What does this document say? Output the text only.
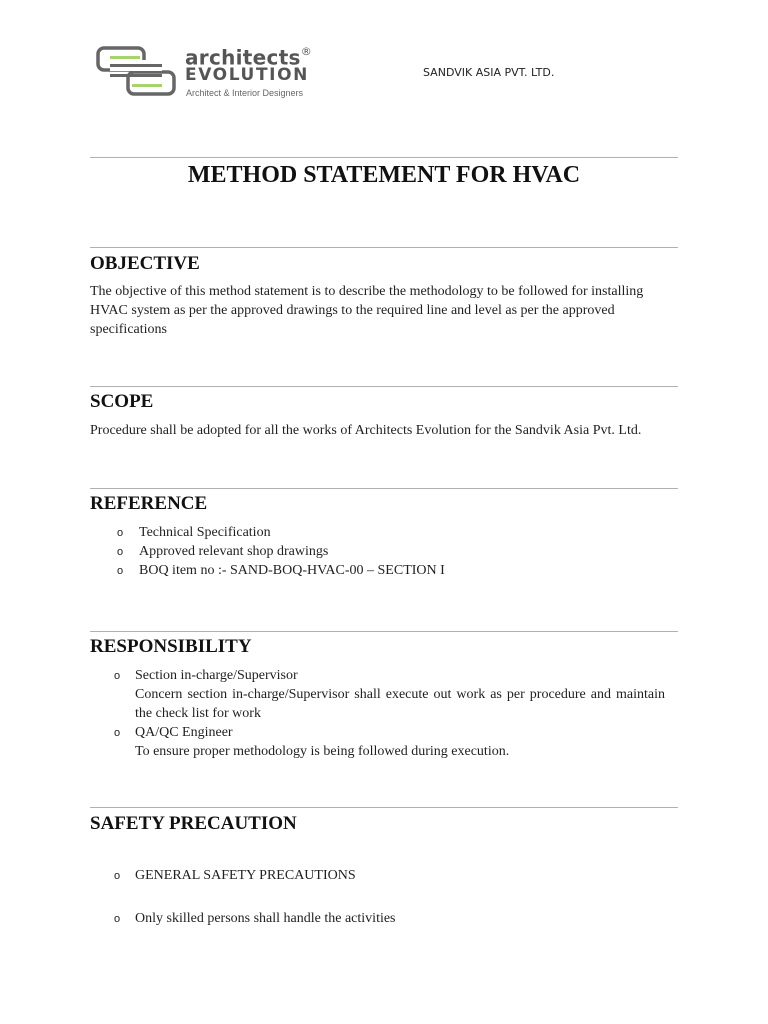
architects®
EVOLUTION
Architect & Interior Designers
SANDVIK ASIA PVT. LTD.
METHOD STATEMENT FOR HVAC
OBJECTIVE
The objective of this method statement is to describe the methodology to be followed for installing HVAC system as per the approved drawings to the required line and level as per the approved specifications
SCOPE
Procedure shall be adopted for all the works of Architects Evolution for the Sandvik Asia Pvt. Ltd.
REFERENCE
o Technical Specification
o Approved relevant shop drawings
o BOQ item no :- SAND-BOQ-HVAC-00 – SECTION I
RESPONSIBILITY
o Section in-charge/Supervisor
Concern section in-charge/Supervisor shall execute out work as per procedure and maintain the check list for work
o QA/QC Engineer
To ensure proper methodology is being followed during execution.
SAFETY PRECAUTION
o GENERAL SAFETY PRECAUTIONS
o Only skilled persons shall handle the activities
